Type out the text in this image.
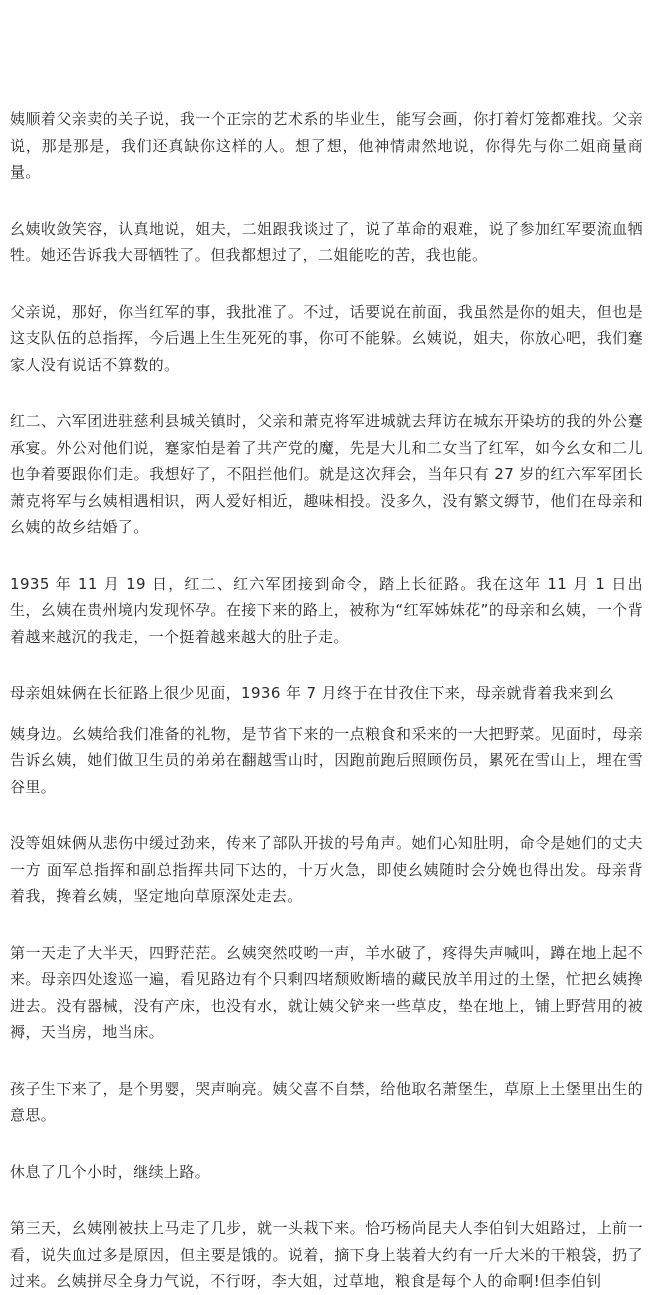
姨顺着父亲卖的关子说，我一个正宗的艺术系的毕业生，能写会画，你打着灯笼都难找。父亲说，那是那是，我们还真缺你这样的人。想了想，他神情肃然地说，你得先与你二姐商量商量。

幺姨收敛笑容，认真地说，姐夫，二姐跟我谈过了，说了革命的艰难，说了参加红军要流血牺牲。她还告诉我大哥牺牲了。但我都想过了，二姐能吃的苦，我也能。

父亲说，那好，你当红军的事，我批准了。不过，话要说在前面，我虽然是你的姐夫，但也是这支队伍的总指挥，今后遇上生生死死的事，你可不能躲。幺姨说，姐夫，你放心吧，我们蹇家人没有说话不算数的。

红二、六军团进驻慈利县城关镇时，父亲和萧克将军进城就去拜访在城东开染坊的我的外公蹇承宴。外公对他们说，蹇家怕是着了共产党的魔，先是大儿和二女当了红军，如今幺女和二儿也争着要跟你们走。我想好了，不阻拦他们。就是这次拜会，当年只有 27 岁的红六军军团长萧克将军与幺姨相遇相识，两人爱好相近，趣味相投。没多久，没有繁文缛节，他们在母亲和幺姨的故乡结婚了。

1935 年 11 月 19 日，红二、红六军团接到命令，踏上长征路。我在这年 11 月 1 日出生，幺姨在贵州境内发现怀孕。在接下来的路上，被称为“红军姊妹花”的母亲和幺姨，一个背着越来越沉的我走，一个挺着越来越大的肚子走。

母亲姐妹俩在长征路上很少见面，1936 年 7 月终于在甘孜住下来，母亲就背着我来到幺

姨身边。幺姨给我们准备的礼物，是节省下来的一点粮食和采来的一大把野菜。见面时，母亲告诉幺姨，她们做卫生员的弟弟在翻越雪山时，因跑前跑后照顾伤员，累死在雪山上，埋在雪谷里。

没等姐妹俩从悲伤中缓过劲来，传来了部队开拔的号角声。她们心知肚明，命令是她们的丈夫一方 面军总指挥和副总指挥共同下达的，十万火急，即使幺姨随时会分娩也得出发。母亲背着我，搀着幺姨，坚定地向草原深处走去。

第一天走了大半天，四野茫茫。幺姨突然哎哟一声，羊水破了，疼得失声喊叫，蹲在地上起不来。母亲四处逡巡一遍，看见路边有个只剩四堵颓败断墙的藏民放羊用过的土堡，忙把幺姨搀进去。没有器械，没有产床，也没有水，就让姨父铲来一些草皮，垫在地上，铺上野营用的被褥，天当房，地当床。

孩子生下来了，是个男婴，哭声响亮。姨父喜不自禁，给他取名萧堡生，草原上土堡里出生的意思。

休息了几个小时，继续上路。

第三天，幺姨刚被扶上马走了几步，就一头栽下来。恰巧杨尚昆夫人李伯钊大姐路过，上前一看，说失血过多是原因，但主要是饿的。说着，摘下身上装着大约有一斤大米的干粮袋，扔了过来。幺姨拼尽全身力气说，不行呀，李大姐，过草地，粮食是每个人的命啊!但李伯钊
